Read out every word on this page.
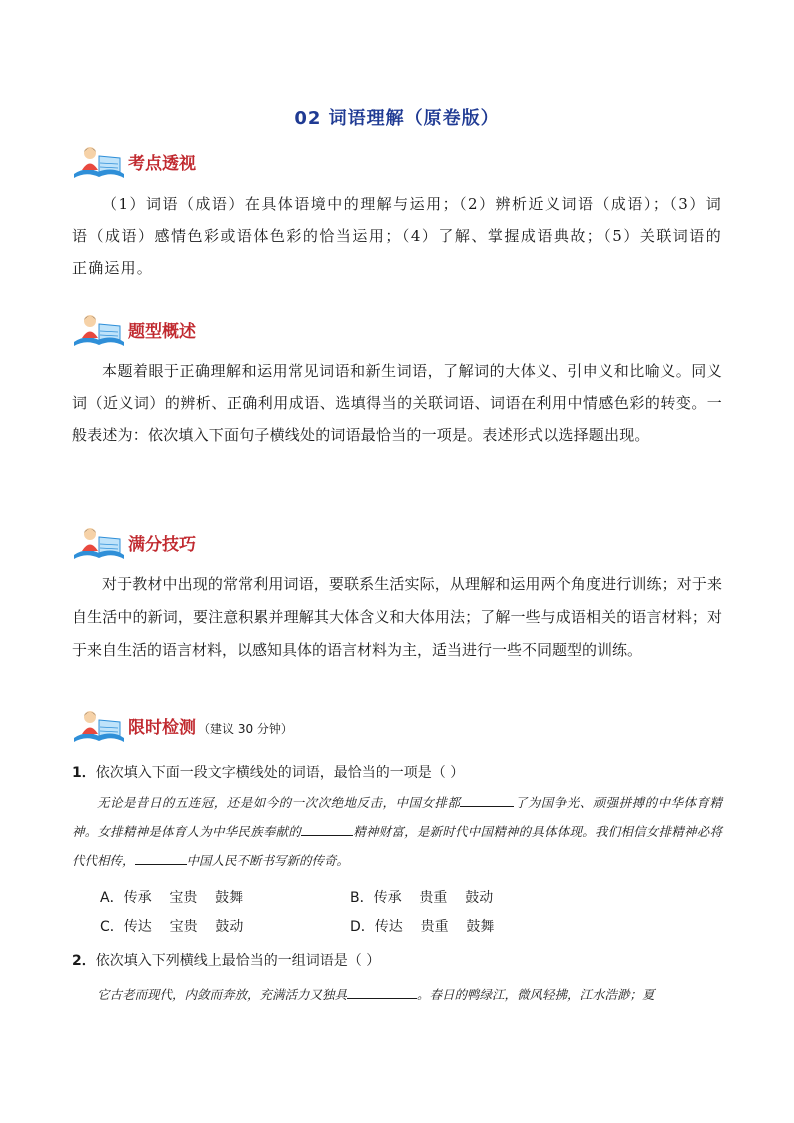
02 词语理解（原卷版）
考点透视

（1）词语（成语）在具体语境中的理解与运用；（2）辨析近义词语（成语）；（3）词语（成语）感情色彩或语体色彩的恰当运用；（4）了解、掌握成语典故；（5）关联词语的正确运用。

题型概述

本题着眼于正确理解和运用常见词语和新生词语，了解词的大体义、引申义和比喻义。同义词（近义词）的辨析、正确利用成语、选填得当的关联词语、词语在利用中情感色彩的转变。一般表述为：依次填入下面句子横线处的词语最恰当的一项是。表述形式以选择题出现。

满分技巧

对于教材中出现的常常利用词语，要联系生活实际，从理解和运用两个角度进行训练；对于来自生活中的新词，要注意积累并理解其大体含义和大体用法；了解一些与成语相关的语言材料；对于来自生活的语言材料，以感知具体的语言材料为主，适当进行一些不同题型的训练。

限时检测 （建议 30 分钟）
1．依次填入下面一段文字横线处的词语，最恰当的一项是（ ）

无论是昔日的五连冠，还是如今的一次次绝地反击，中国女排都	了为国争光、顽强拼搏的中华体育精神。女排精神是体育人为中华民族奉献的	精神财富，是新时代中国精神的具体体现。我们相信女排精神必将代代相传，	中国人民不断书写新的传奇。

A．传承    宝贵    鼓舞	B．传承    贵重    鼓动
C．传达    宝贵    鼓动	D．传达    贵重    鼓舞
2．依次填入下列横线上最恰当的一组词语是（ ）

它古老而现代，内敛而奔放，充满活力又独具	。春日的鸭绿江，微风轻拂，江水浩渺；夏
